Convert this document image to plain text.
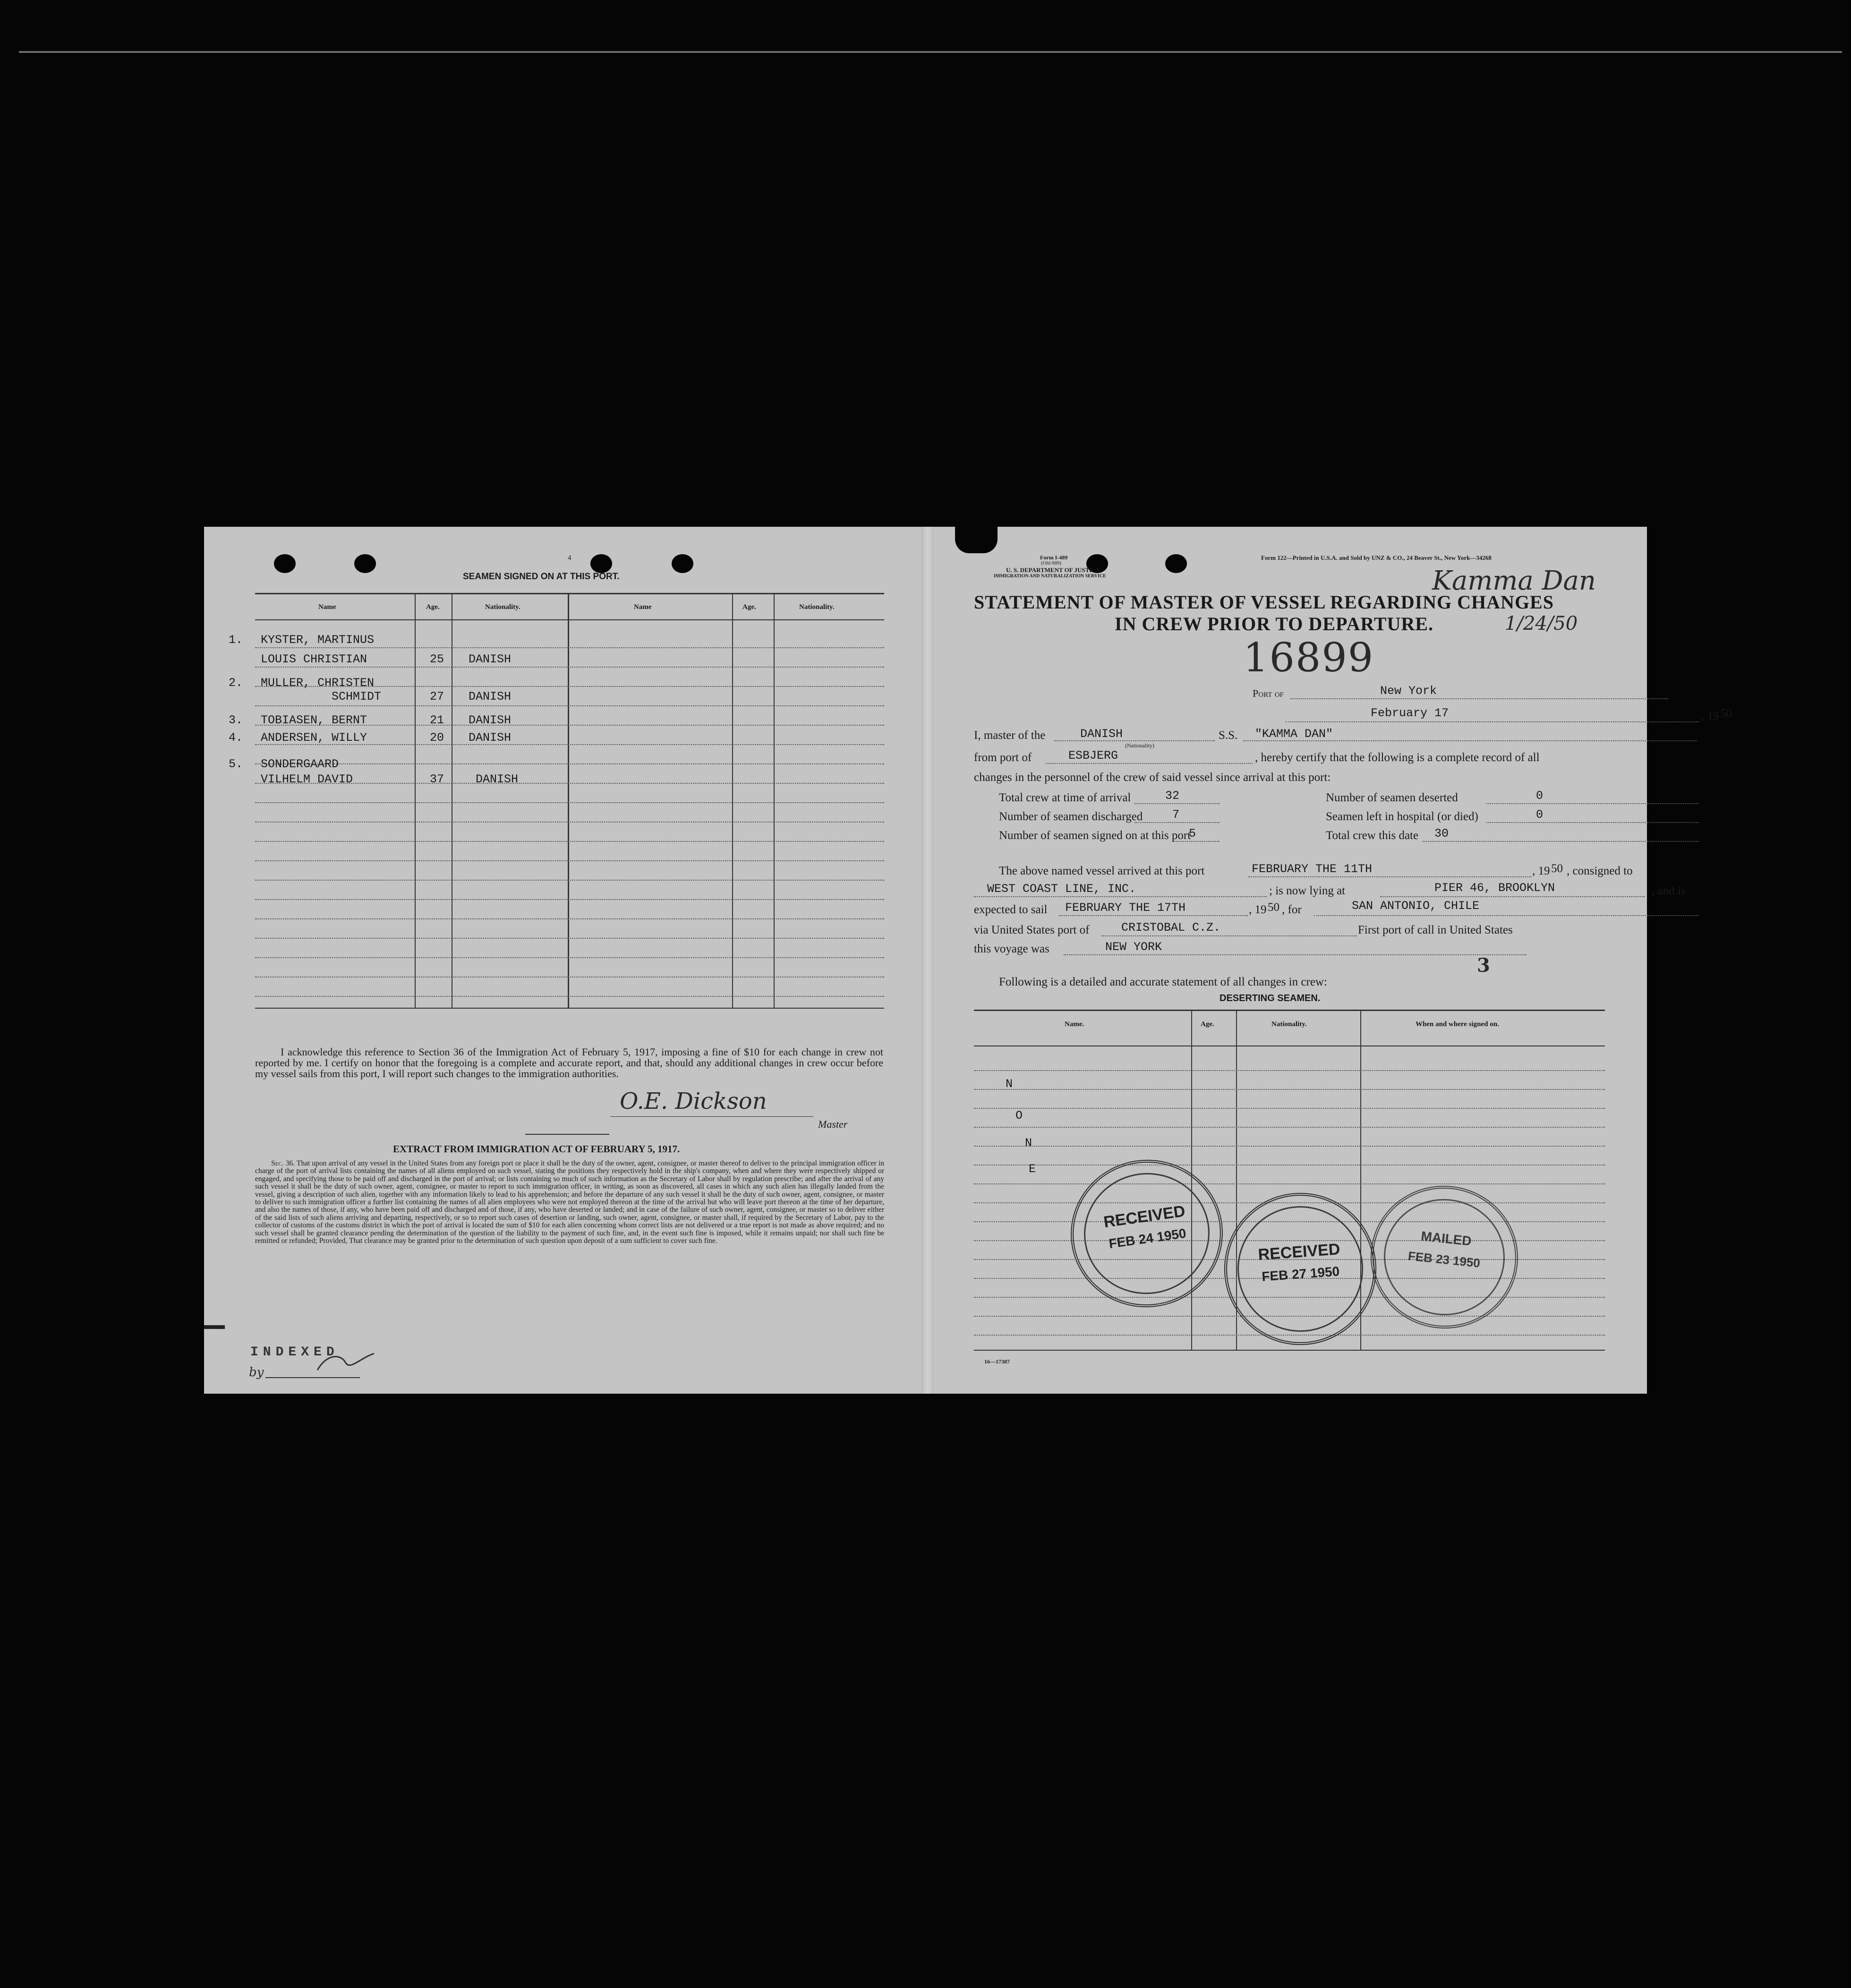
4
SEAMEN SIGNED ON AT THIS PORT.
Name	Age.	Nationality.	Name	Age.	Nationality.
1. KYSTER, MARTINUS
LOUIS CHRISTIAN	25 DANISH
2. MULLER, CHRISTEN
SCHMIDT	27 DANISH
3. TOBIASEN, BERNT	21 DANISH
4. ANDERSEN, WILLY	20 DANISH
5. SONDERGAARD
VILHELM DAVID	37	DANISH
I acknowledge this reference to Section 36 of the Immigration Act of February 5, 1917, imposing a fine of $10 for each change in crew not reported by me. I certify on honor that the foregoing is a complete and accurate report, and that, should any additional changes in crew occur before my vessel sails from this port, I will report such changes to the immigration authorities.
O.E. Dickson
Master
EXTRACT FROM IMMIGRATION ACT OF FEBRUARY 5, 1917.
Sec. 36. That upon arrival of any vessel in the United States from any foreign port or place it shall be the duty of the owner, agent, consignee, or master thereof to deliver to the principal immigration officer in charge of the port of arrival lists containing the names of all aliens employed on such vessel, stating the positions they respectively hold in the ship's company, when and where they were respectively shipped or engaged, and specifying those to be paid off and discharged in the port of arrival; or lists containing so much of such information as the Secretary of Labor shall by regulation prescribe; and after the arrival of any such vessel it shall be the duty of such owner, agent, consignee, or master to report to such immigration officer, in writing, as soon as discovered, all cases in which any such alien has illegally landed from the vessel, giving a description of such alien, together with any information likely to lead to his apprehension; and before the departure of any such vessel it shall be the duty of such owner, agent, consignee, or master to deliver to such immigration officer a further list containing the names of all alien employees who were not employed thereon at the time of the arrival but who will leave port thereon at the time of her departure, and also the names of those, if any, who have been paid off and discharged and of those, if any, who have deserted or landed; and in case of the failure of such owner, agent, consignee, or master so to deliver either of the said lists of such aliens arriving and departing, respectively, or so to report such cases of desertion or landing, such owner, agent, consignee, or master shall, if required by the Secretary of Labor, pay to the collector of customs of the customs district in which the port of arrival is located the sum of $10 for each alien concerning whom correct lists are not delivered or a true report is not made as above required; and no such vessel shall be granted clearance pending the determination of the question of the liability to the payment of such fine, and, in the event such fine is imposed, while it remains unpaid; nor shall such fine be remitted or refunded; Provided, That clearance may be granted prior to the determination of such question upon deposit of a sum sufficient to cover such fine.
INDEXED
by
Form I-489
(Old 689)
U. S. DEPARTMENT OF JUSTICE
IMMIGRATION AND NATURALIZATION SERVICE
Form 122—Printed in U.S.A. and Sold by UNZ & CO., 24 Beaver St., New York—34268
Kamma Dan
1/24/50
STATEMENT OF MASTER OF VESSEL REGARDING CHANGES
IN CREW PRIOR TO DEPARTURE.
16899
Port of	New York
February 17	, 19 50
I, master of the	DANISH
(Nationality)
S.S. "KAMMA DAN"
from port of	ESBJERG	, hereby certify that the following is a complete record of all
changes in the personnel of the crew of said vessel since arrival at this port:
Total crew at time of arrival	32
Number of seamen discharged	7
Number of seamen signed on at this port
5
Number of seamen deserted	0
Seamen left in hospital (or died)	0
Total crew this date 30
The above named vessel arrived at this port	FEBRUARY THE 11TH	, 19 50 , consigned to
WEST COAST LINE, INC.	; is now lying at	PIER 46, BROOKLYN	, and is
expected to sail FEBRUARY THE 17TH	, 19 50 , for	SAN ANTONIO, CHILE
via United States port of	CRISTOBAL C.Z.	First port of call in United States
this voyage was	NEW YORK
3
Following is a detailed and accurate statement of all changes in crew:
DESERTING SEAMEN.
Name.	Age.	Nationality.	When and where signed on.
N
O
N
E
RECEIVED
FEB 24 1950
RECEIVED
FEB 27 1950
MAILED
FEB 23 1950
16—17387
